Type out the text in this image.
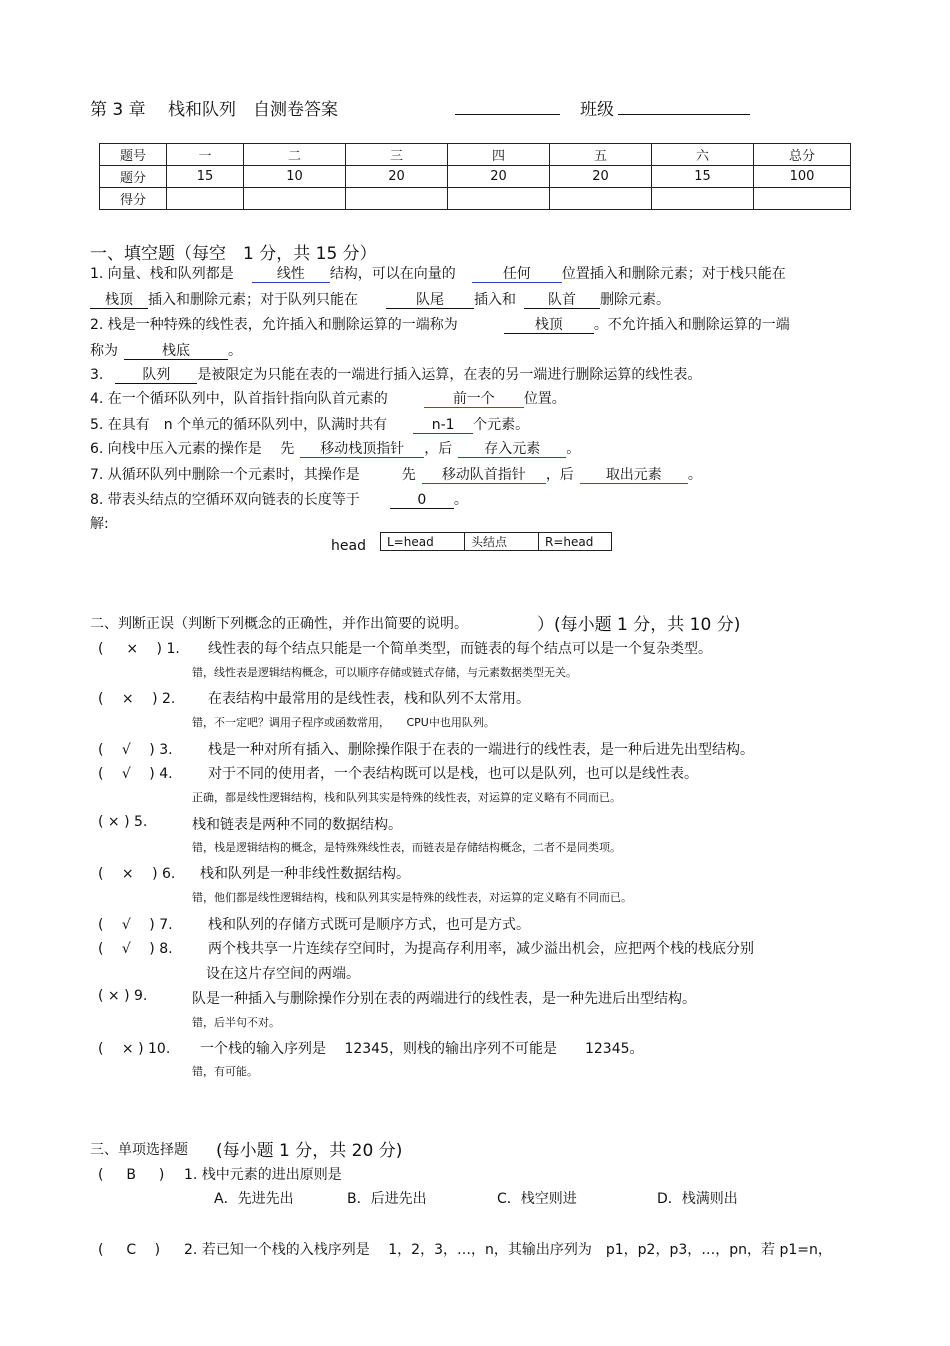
第 3 章　 栈和队列　自测卷答案	班级
题号	一	二	三	四	五	六	总分
题分	15	10	20	20	20	15	100
得分							
一、填空题（每空　1 分，共 15 分）
1. 向量、栈和队列都是	线性 结构，可以在向量的	任何 位置插入和删除元素；对于栈只能在
栈顶 插入和删除元素；对于队列只能在	队尾 插入和 队首 删除元素。
2. 栈是一种特殊的线性表，允许插入和删除运算的一端称为	栈顶 。不允许插入和删除运算的一端
称为	栈底	。
3.	队列 是被限定为只能在表的一端进行插入运算，在表的另一端进行删除运算的线性表。
4. 在一个循环队列中，队首指针指向队首元素的	前一个 位置。
5. 在具有　n 个单元的循环队列中，队满时共有	n-1 个元素。
6. 向栈中压入元素的操作是　 先 移动栈顶指针 ，后 存入元素 。
7. 从循环队列中删除一个元素时，其操作是　　　先 移动队首指针 ，后 取出元素 。
8. 带表头结点的空循环双向链表的长度等于	0 。
解:
head	L=head	头结点	R=head
二、判断正误（判断下列概念的正确性，并作出简要的说明。	）(每小题 1 分，共 10 分)
( 　 × 　) 1. 线性表的每个结点只能是一个简单类型，而链表的每个结点可以是一个复杂类型。
错，线性表是逻辑结构概念，可以顺序存储或链式存储，与元素数据类型无关。
( 　×　 ) 2. 在表结构中最常用的是线性表，栈和队列不太常用。
错，不一定吧？调用子程序或函数常用，　　CPU中也用队列。
( 　√　 ) 3.	栈是一种对所有插入、删除操作限于在表的一端进行的线性表，是一种后进先出型结构。
( 　√　 ) 4.	对于不同的使用者，一个表结构既可以是栈，也可以是队列，也可以是线性表。
正确，都是线性逻辑结构，栈和队列其实是特殊的线性表，对运算的定义略有不同而已。
( × ) 5.	栈和链表是两种不同的数据结构。
错，栈是逻辑结构的概念，是特殊殊线性表，而链表是存储结构概念，二者不是同类项。
( 　× 　) 6. 栈和队列是一种非线性数据结构。
错，他们都是线性逻辑结构，栈和队列其实是特殊的线性表，对运算的定义略有不同而已。
( 　√　 ) 7.	栈和队列的存储方式既可是顺序方式，也可是方式。
( 　√　 ) 8.	两个栈共享一片连续存空间时，为提高存利用率，减少溢出机会，应把两个栈的栈底分别
设在这片存空间的两端。
( × ) 9.	队是一种插入与删除操作分别在表的两端进行的线性表，是一种先进后出型结构。
错，后半句不对。
( 　× ) 10. 一个栈的输入序列是　 12345，则栈的输出序列不可能是　　12345。
错，有可能。
三、单项选择题 (每小题 1 分，共 20 分)
( 　 B 　 ) 1. 栈中元素的进出原则是
A．先进先出	B．后进先出	C．栈空则进	D．栈满则出
( 　 C 　) 2. 若已知一个栈的入栈序列是　 1，2，3，…，n，其输出序列为　p1，p2，p3，…，pn，若 p1=n，
